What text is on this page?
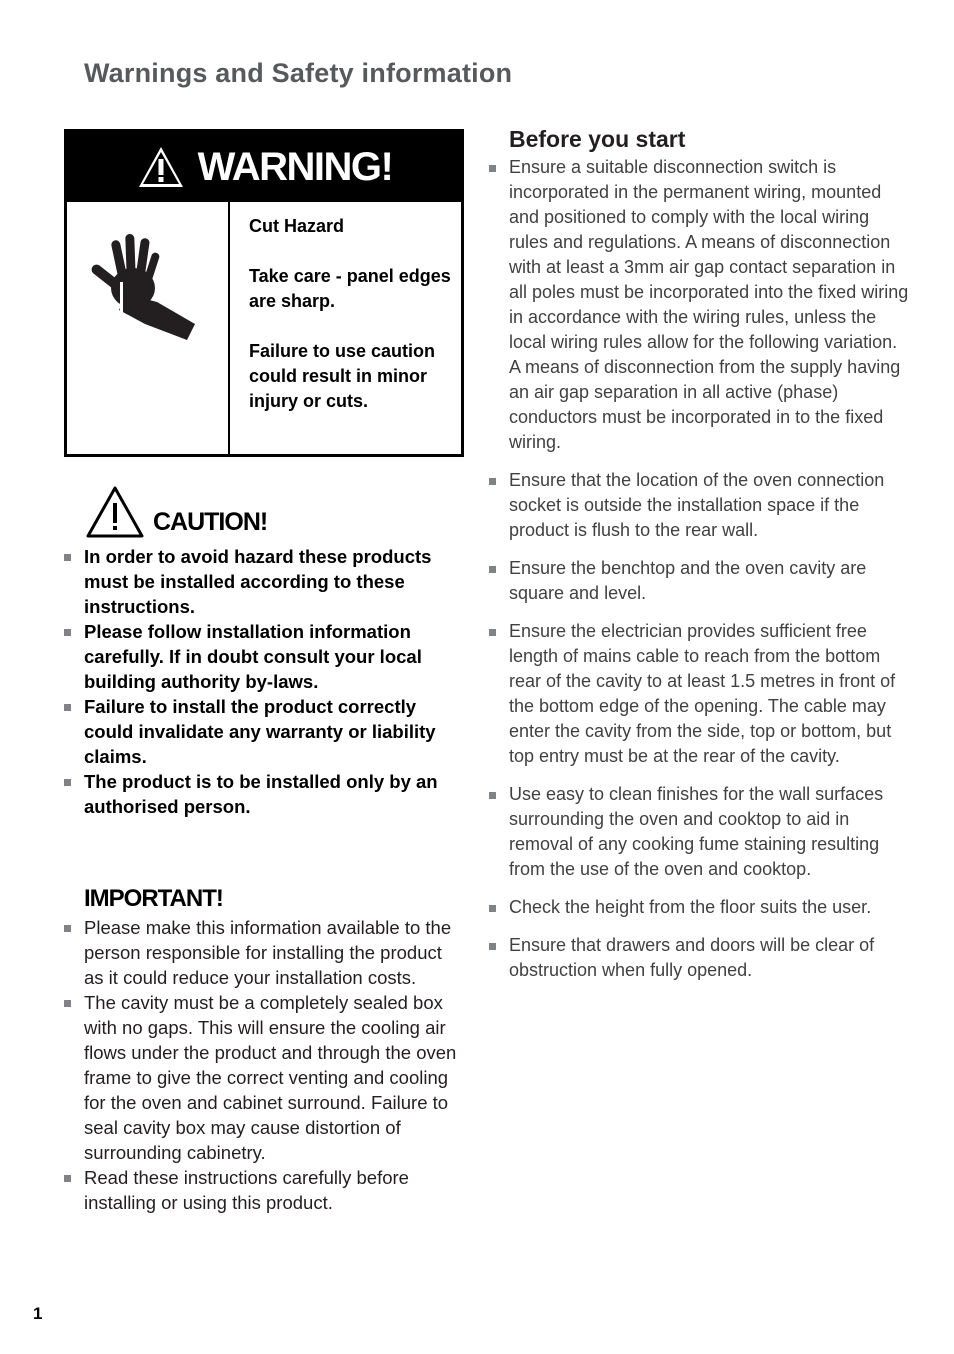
Warnings and Safety information
WARNING!

Cut Hazard

Take care - panel edges are sharp.

Failure to use caution could result in minor injury or cuts.

CAUTION!
In order to avoid hazard these products must be installed according to these instructions.
Please follow installation information carefully. If in doubt consult your local building authority by-laws.
Failure to install the product correctly could invalidate any warranty or liability claims.
The product is to be installed only by an authorised person.
IMPORTANT!
Please make this information available to the person responsible for installing the product as it could reduce your installation costs.
The cavity must be a completely sealed box with no gaps. This will ensure the cooling air flows under the product and through the oven frame to give the correct venting and cooling for the oven and cabinet surround. Failure to seal cavity box may cause distortion of surrounding cabinetry.
Read these instructions carefully before installing or using this product.
Before you start
Ensure a suitable disconnection switch is incorporated in the permanent wiring, mounted and positioned to comply with the local wiring rules and regulations. A means of disconnection with at least a 3mm air gap contact separation in all poles must be incorporated into the fixed wiring in accordance with the wiring rules, unless the local wiring rules allow for the following variation. A means of disconnection from the supply having an air gap separation in all active (phase) conductors must be incorporated in to the fixed wiring.
Ensure that the location of the oven connection socket is outside the installation space if the product is flush to the rear wall.
Ensure the benchtop and the oven cavity are square and level.
Ensure the electrician provides sufficient free length of mains cable to reach from the bottom rear of the cavity to at least 1.5 metres in front of the bottom edge of the opening. The cable may enter the cavity from the side, top or bottom, but top entry must be at the rear of the cavity.
Use easy to clean finishes for the wall surfaces surrounding the oven and cooktop to aid in removal of any cooking fume staining resulting from the use of the oven and cooktop.
Check the height from the floor suits the user.
Ensure that drawers and doors will be clear of obstruction when fully opened.
1
